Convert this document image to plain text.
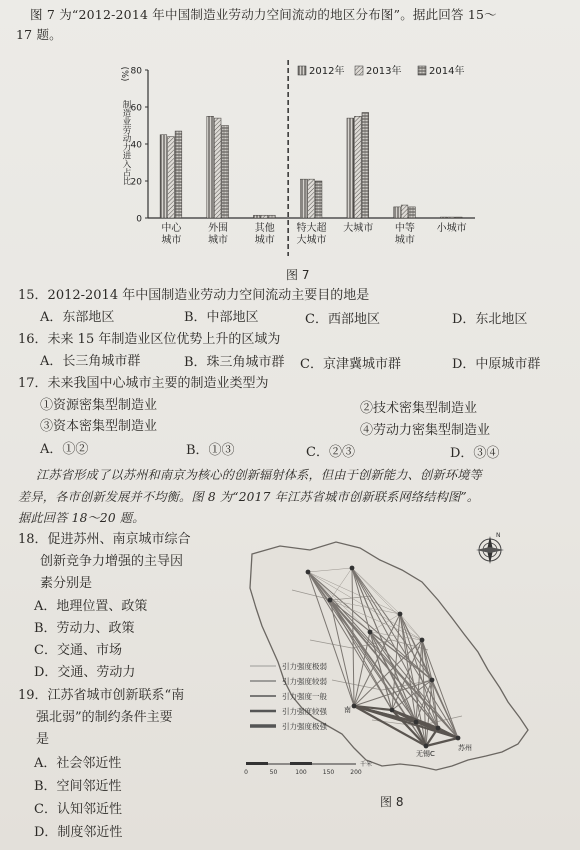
图 7 为“2012-2014 年中国制造业劳动力空间流动的地区分布图”。据此回答 15～
17 题。
0
20
40
60
80
(%)
制造业劳动力进入占比
中心
城市
外围
城市
其他
城市
特大超
大城市
大城市 中等
城市
小城市
2012年 2013年	2014年
图 7
15．2012-2014 年中国制造业劳动力空间流动主要目的地是
A．东部地区	B．中部地区	C．西部地区	D．东北地区
16．未来 15 年制造业区位优势上升的区域为
A．长三角城市群	B．珠三角城市群 C．京津冀城市群	D．中原城市群
17．未来我国中心城市主要的制造业类型为
①资源密集型制造业	②技术密集型制造业
③资本密集型制造业	④劳动力密集型制造业
A．①②	B．①③	C．②③	D．③④
江苏省形成了以苏州和南京为核心的创新辐射体系，但由于创新能力、创新环境等
差异，各市创新发展并不均衡。图 8 为“2017 年江苏省城市创新联系网络结构图”。
据此回答 18～20 题。
18．促进苏州、南京城市综合
创新竞争力增强的主导因
素分别是
A．地理位置、政策
B．劳动力、政策
C．交通、市场
D．交通、劳动力
19．江苏省城市创新联系“南
强北弱”的制约条件主要
是
A．社会邻近性
B．空间邻近性
C．认知邻近性
D．制度邻近性
南
苏州
无锡 C
N
引力强度极弱
引力强度较弱
引力强度一般
引力强度较强
引力强度极强
0	50	100	150	200
千米
图 8
